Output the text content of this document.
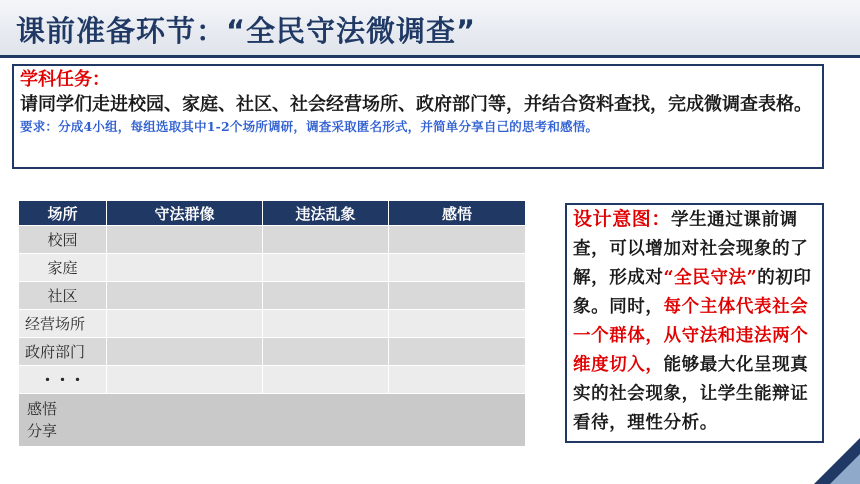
课前准备环节：“全民守法微调查”
学科任务：
请同学们走进校园、家庭、社区、社会经营场所、政府部门等，并结合资料查找，完成微调查表格。
要求：分成4小组，每组选取其中1-2个场所调研，调查采取匿名形式，并简单分享自己的思考和感悟。
场所	守法群像	违法乱象	感悟
校园			
家庭			
社区			
经营场所			
政府部门			
・・・			

感悟
分享			
设计意图：学生通过课前调查，可以增加对社会现象的了解，形成对“全民守法”的初印象。同时，每个主体代表社会一个群体，从守法和违法两个维度切入，能够最大化呈现真实的社会现象，让学生能辩证看待，理性分析。
